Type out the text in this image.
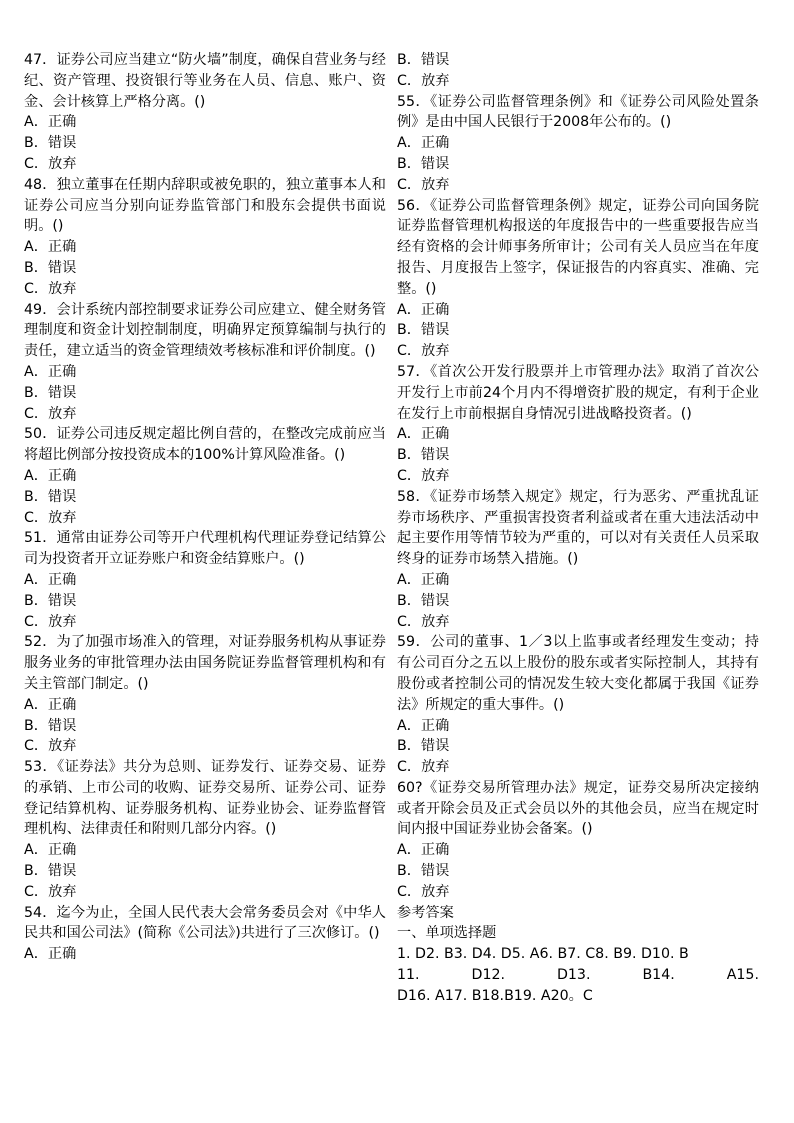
47．证券公司应当建立“防火墙”制度，确保自营业务与经纪、资产管理、投资银行等业务在人员、信息、账户、资金、会计核算上严格分离。()

A．正确

B．错误

C．放弃

48．独立董事在任期内辞职或被免职的，独立董事本人和证券公司应当分别向证券监管部门和股东会提供书面说明。()

A．正确

B．错误

C．放弃

49．会计系统内部控制要求证券公司应建立、健全财务管理制度和资金计划控制制度，明确界定预算编制与执行的责任，建立适当的资金管理绩效考核标准和评价制度。()

A．正确

B．错误

C．放弃

50．证券公司违反规定超比例自营的，在整改完成前应当将超比例部分按投资成本的100%计算风险准备。()

A．正确

B．错误

C．放弃

51．通常由证券公司等开户代理机构代理证券登记结算公司为投资者开立证券账户和资金结算账户。()

A．正确

B．错误

C．放弃

52．为了加强市场准入的管理，对证券服务机构从事证券服务业务的审批管理办法由国务院证券监督管理机构和有关主管部门制定。()

A．正确

B．错误

C．放弃

53．《证券法》共分为总则、证券发行、证券交易、证券的承销、上市公司的收购、证券交易所、证券公司、证券登记结算机构、证券服务机构、证券业协会、证券监督管理机构、法律责任和附则几部分内容。()

A．正确

B．错误

C．放弃

54．迄今为止，全国人民代表大会常务委员会对《中华人民共和国公司法》(简称《公司法》)共进行了三次修订。()

A．正确

B．错误

C．放弃

55．《证券公司监督管理条例》和《证券公司风险处置条例》是由中国人民银行于2008年公布的。()

A．正确

B．错误

C．放弃

56．《证券公司监督管理条例》规定，证券公司向国务院证券监督管理机构报送的年度报告中的一些重要报告应当经有资格的会计师事务所审计；公司有关人员应当在年度报告、月度报告上签字，保证报告的内容真实、准确、完整。()

A．正确

B．错误

C．放弃

57．《首次公开发行股票并上市管理办法》取消了首次公开发行上市前24个月内不得增资扩股的规定，有利于企业在发行上市前根据自身情况引进战略投资者。()

A．正确

B．错误

C．放弃

58．《证券市场禁入规定》规定，行为恶劣、严重扰乱证券市场秩序、严重损害投资者利益或者在重大违法活动中起主要作用等情节较为严重的，可以对有关责任人员采取终身的证券市场禁入措施。()

A．正确

B．错误

C．放弃

59．公司的董事、1／3以上监事或者经理发生变动；持有公司百分之五以上股份的股东或者实际控制人，其持有股份或者控制公司的情况发生较大变化都属于我国《证券法》所规定的重大事件。()

A．正确

B．错误

C．放弃

60?《证券交易所管理办法》规定，证券交易所决定接纳或者开除会员及正式会员以外的其他会员，应当在规定时间内报中国证券业协会备案。()

A．正确

B．错误

C．放弃

参考答案

一、单项选择题

1. D2. B3. D4. D5. A6. B7. C8. B9. D10. B

11.	D12.	D13.	B14.	A15.

D16. A17. B18.B19. A20。C
